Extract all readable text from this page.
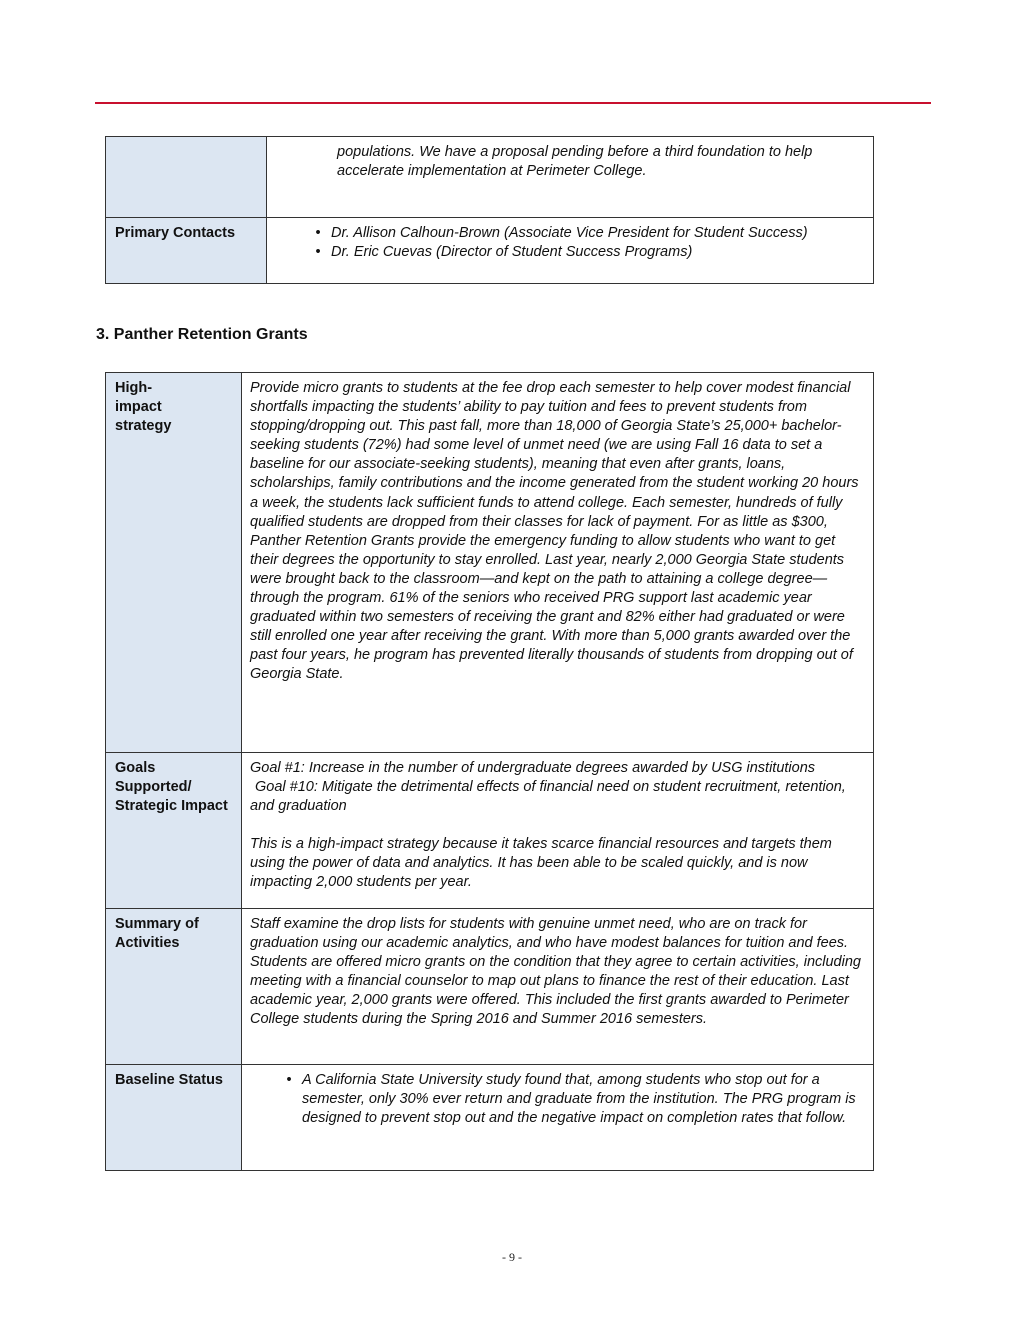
	populations. We have a proposal pending before a third foundation to help accelerate implementation at Perimeter College.

Primary Contacts	• Dr. Allison Calhoun-Brown (Associate Vice President for Student Success)
• Dr. Eric Cuevas (Director of Student Success Programs)
3. Panther Retention Grants
High-impact strategy	Provide micro grants to students at the fee drop each semester to help cover modest financial shortfalls impacting the students’ ability to pay tuition and fees to prevent students from stopping/dropping out. This past fall, more than 18,000 of Georgia State’s 25,000+ bachelor-seeking students (72%) had some level of unmet need (we are using Fall 16 data to set a baseline for our associate-seeking students), meaning that even after grants, loans, scholarships, family contributions and the income generated from the student working 20 hours a week, the students lack sufficient funds to attend college. Each semester, hundreds of fully qualified students are dropped from their classes for lack of payment. For as little as $300, Panther Retention Grants provide the emergency funding to allow students who want to get their degrees the opportunity to stay enrolled. Last year, nearly 2,000 Georgia State students were brought back to the classroom—and kept on the path to attaining a college degree—through the program. 61% of the seniors who received PRG support last academic year graduated within two semesters of receiving the grant and 82% either had graduated or were still enrolled one year after receiving the grant. With more than 5,000 grants awarded over the past four years, he program has prevented literally thousands of students from dropping out of Georgia State.

Goals Supported/ Strategic Impact	Goal #1: Increase in the number of undergraduate degrees awarded by USG institutions

Goal #10: Mitigate the detrimental effects of financial need on student recruitment, retention, and graduation

This is a high-impact strategy because it takes scarce financial resources and targets them using the power of data and analytics. It has been able to be scaled quickly, and is now impacting 2,000 students per year.

Summary of Activities	Staff examine the drop lists for students with genuine unmet need, who are on track for graduation using our academic analytics, and who have modest balances for tuition and fees. Students are offered micro grants on the condition that they agree to certain activities, including meeting with a financial counselor to map out plans to finance the rest of their education. Last academic year, 2,000 grants were offered. This included the first grants awarded to Perimeter College students during the Spring 2016 and Summer 2016 semesters.

Baseline Status	• A California State University study found that, among students who stop out for a semester, only 30% ever return and graduate from the institution. The PRG program is designed to prevent stop out and the negative impact on completion rates that follow.
- 9 -
